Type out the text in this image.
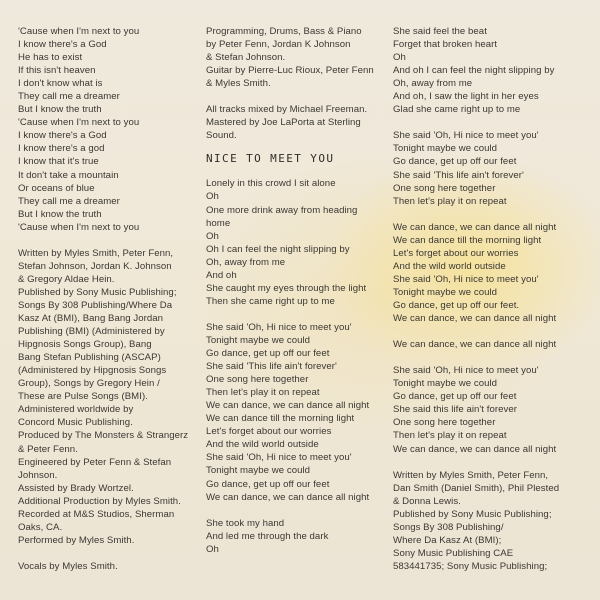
'Cause when I'm next to you
I know there's a God
He has to exist
If this isn't heaven
I don't know what is
They call me a dreamer
But I know the truth
'Cause when I'm next to you
I know there's a God
I know there's a god
I know that it's true
It don't take a mountain
Or oceans of blue
They call me a dreamer
But I know the truth
'Cause when I'm next to you
Written by Myles Smith, Peter Fenn,
Stefan Johnson, Jordan K. Johnson
& Gregory Aldae Hein.
Published by Sony Music Publishing;
Songs By 308 Publishing/Where Da
Kasz At (BMI), Bang Bang Jordan
Publishing (BMI) (Administered by
Hipgnosis Songs Group), Bang
Bang Stefan Publishing (ASCAP)
(Administered by Hipgnosis Songs
Group), Songs by Gregory Hein /
These are Pulse Songs (BMI).
Administered worldwide by
Concord Music Publishing.
Produced by The Monsters & Strangerz
& Peter Fenn.
Engineered by Peter Fenn & Stefan
Johnson.
Assisted by Brady Wortzel.
Additional Production by Myles Smith.
Recorded at M&S Studios, Sherman
Oaks, CA.
Performed by Myles Smith.
Vocals by Myles Smith.
Programming, Drums, Bass & Piano
by Peter Fenn, Jordan K Johnson
& Stefan Johnson.
Guitar by Pierre-Luc Rioux, Peter Fenn
& Myles Smith.
All tracks mixed by Michael Freeman.
Mastered by Joe LaPorta at Sterling
Sound.
NICE TO MEET YOU
Lonely in this crowd I sit alone
Oh
One more drink away from heading
home
Oh
Oh I can feel the night slipping by
Oh, away from me
And oh
She caught my eyes through the light
Then she came right up to me
She said 'Oh, Hi nice to meet you'
Tonight maybe we could
Go dance, get up off our feet
She said 'This life ain't forever'
One song here together
Then let's play it on repeat
We can dance, we can dance all night
We can dance till the morning light
Let's forget about our worries
And the wild world outside
She said 'Oh, Hi nice to meet you'
Tonight maybe we could
Go dance, get up off our feet
We can dance, we can dance all night
She took my hand
And led me through the dark
Oh
She said feel the beat
Forget that broken heart
Oh
And oh I can feel the night slipping by
Oh, away from me
And oh, I saw the light in her eyes
Glad she came right up to me
She said 'Oh, Hi nice to meet you'
Tonight maybe we could
Go dance, get up off our feet
She said 'This life ain't forever'
One song here together
Then let's play it on repeat
We can dance, we can dance all night
We can dance till the morning light
Let's forget about our worries
And the wild world outside
She said 'Oh, Hi nice to meet you'
Tonight maybe we could
Go dance, get up off our feet.
We can dance, we can dance all night
We can dance, we can dance all night
She said 'Oh, Hi nice to meet you'
Tonight maybe we could
Go dance, get up off our feet
She said this life ain't forever
One song here together
Then let's play it on repeat
We can dance, we can dance all night
Written by Myles Smith, Peter Fenn,
Dan Smith (Daniel Smith), Phil Plested
& Donna Lewis.
Published by Sony Music Publishing;
Songs By 308 Publishing/
Where Da Kasz At (BMI);
Sony Music Publishing CAE
583441735; Sony Music Publishing;
